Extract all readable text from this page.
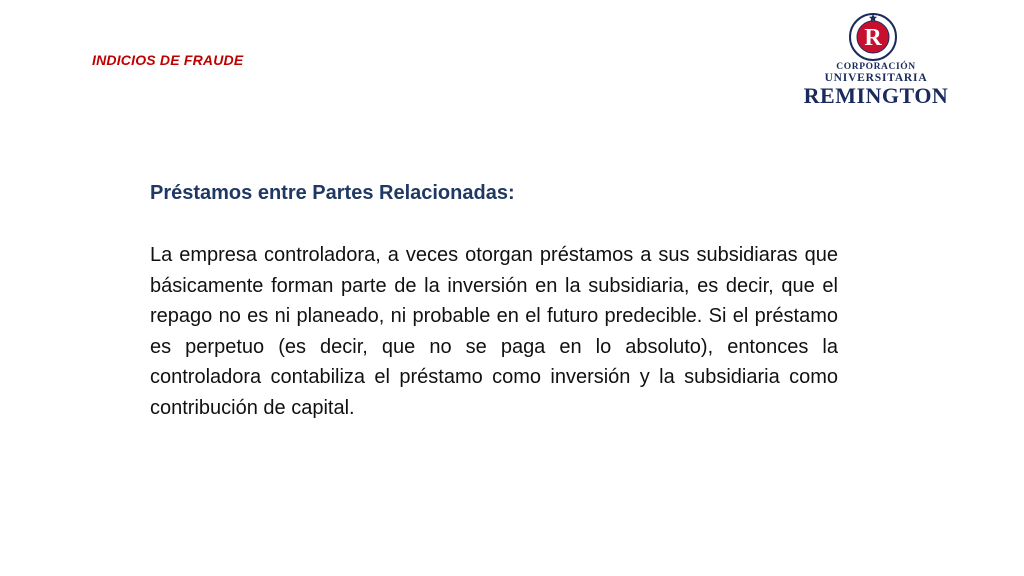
INDICIOS DE FRAUDE
R
CORPORACIÓN
UNIVERSITARIA
REMINGTON

Préstamos entre Partes Relacionadas:

La empresa controladora, a veces otorgan préstamos a sus subsidiaras que básicamente forman parte de la inversión en la subsidiaria, es decir, que el repago no es ni planeado, ni probable en el futuro predecible. Si el préstamo es perpetuo (es decir, que no se paga en lo absoluto), entonces la controladora contabiliza el préstamo como inversión y la subsidiaria como contribución de capital.
